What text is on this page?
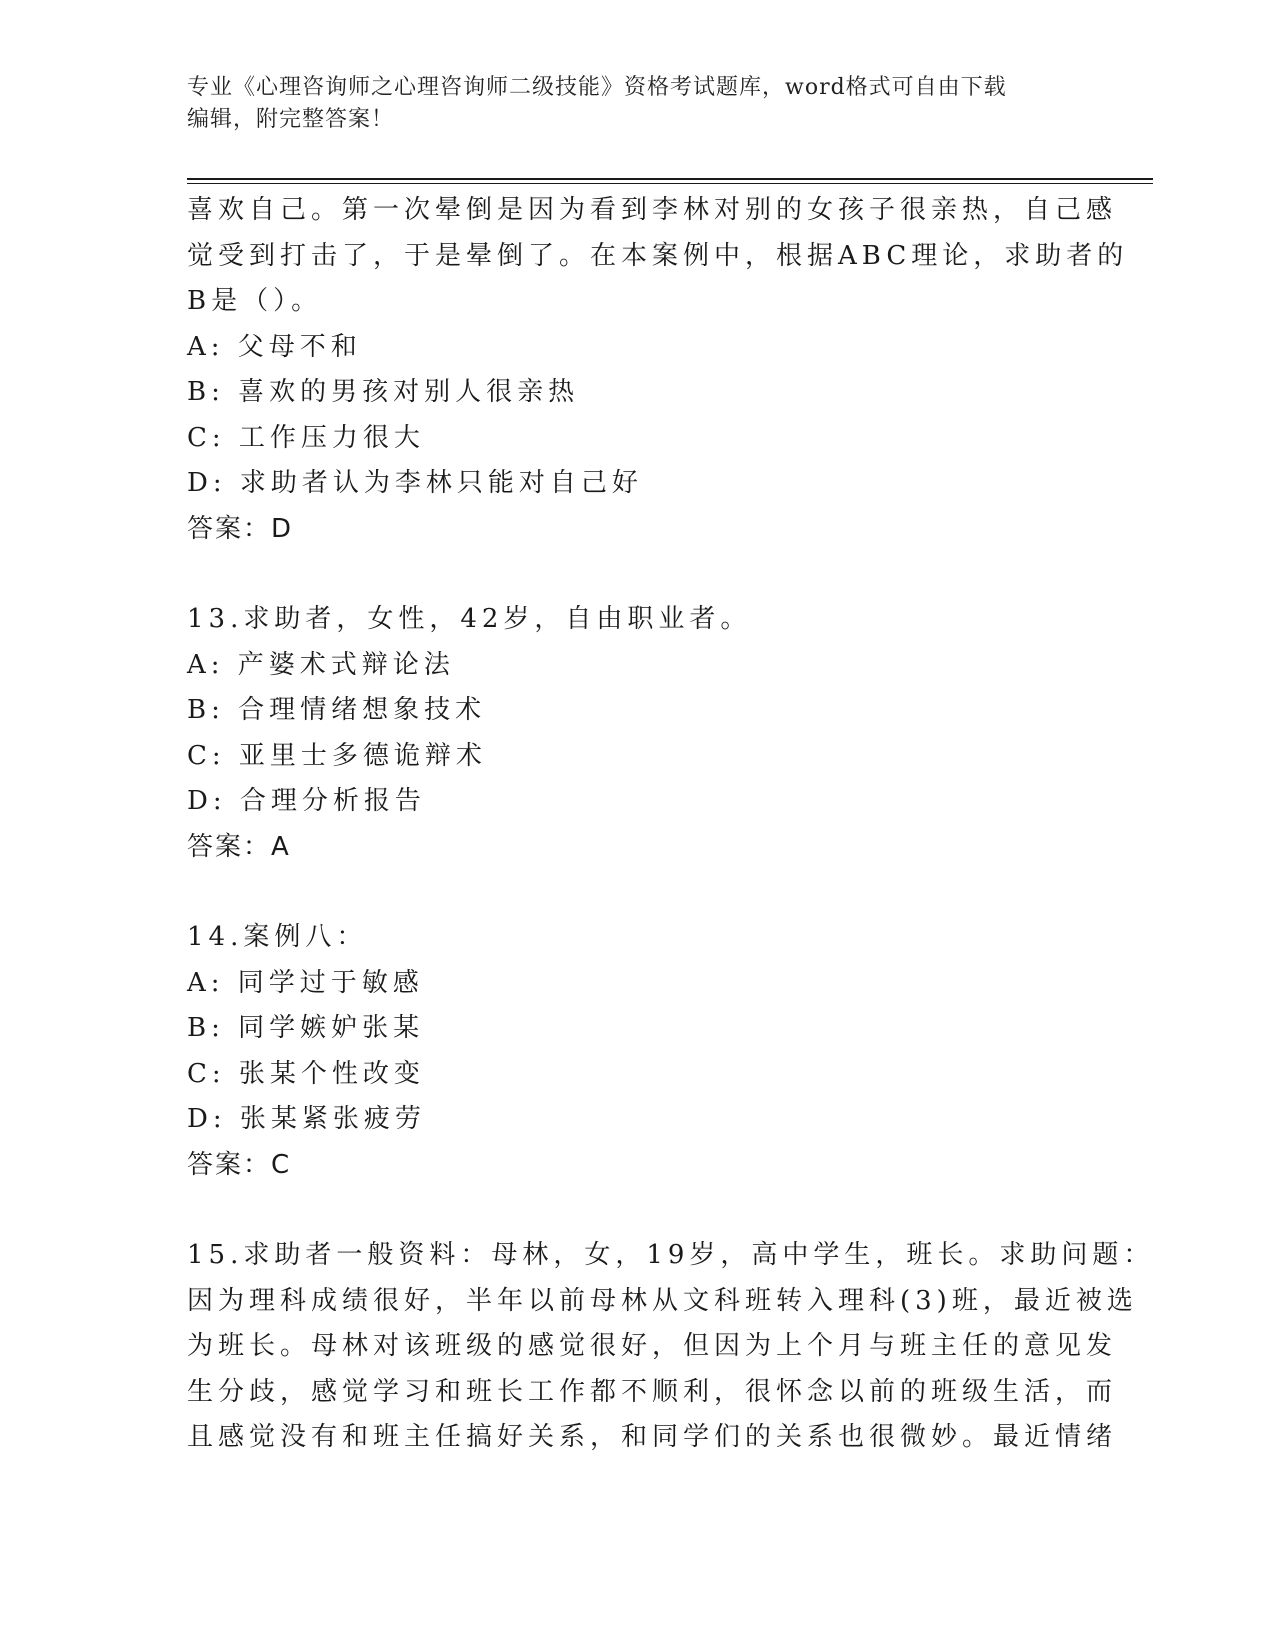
专业《心理咨询师之心理咨询师二级技能》资格考试题库，word格式可自由下载
编辑，附完整答案！
喜欢自己。第一次晕倒是因为看到李林对别的女孩子很亲热，自己感
觉受到打击了，于是晕倒了。在本案例中，根据ABC理论，求助者的
B是（）。
A: 父母不和
B: 喜欢的男孩对别人很亲热
C: 工作压力很大
D: 求助者认为李林只能对自己好
答案：D
13.求助者，女性，42岁，自由职业者。
A: 产婆术式辩论法
B: 合理情绪想象技术
C: 亚里士多德诡辩术
D: 合理分析报告
答案：A
14.案例八：
A: 同学过于敏感
B: 同学嫉妒张某
C: 张某个性改变
D: 张某紧张疲劳
答案：C
15.求助者一般资料：母林，女，19岁，高中学生，班长。求助问题：
因为理科成绩很好，半年以前母林从文科班转入理科(3)班，最近被选
为班长。母林对该班级的感觉很好，但因为上个月与班主任的意见发
生分歧，感觉学习和班长工作都不顺利，很怀念以前的班级生活，而
且感觉没有和班主任搞好关系，和同学们的关系也很微妙。最近情绪
